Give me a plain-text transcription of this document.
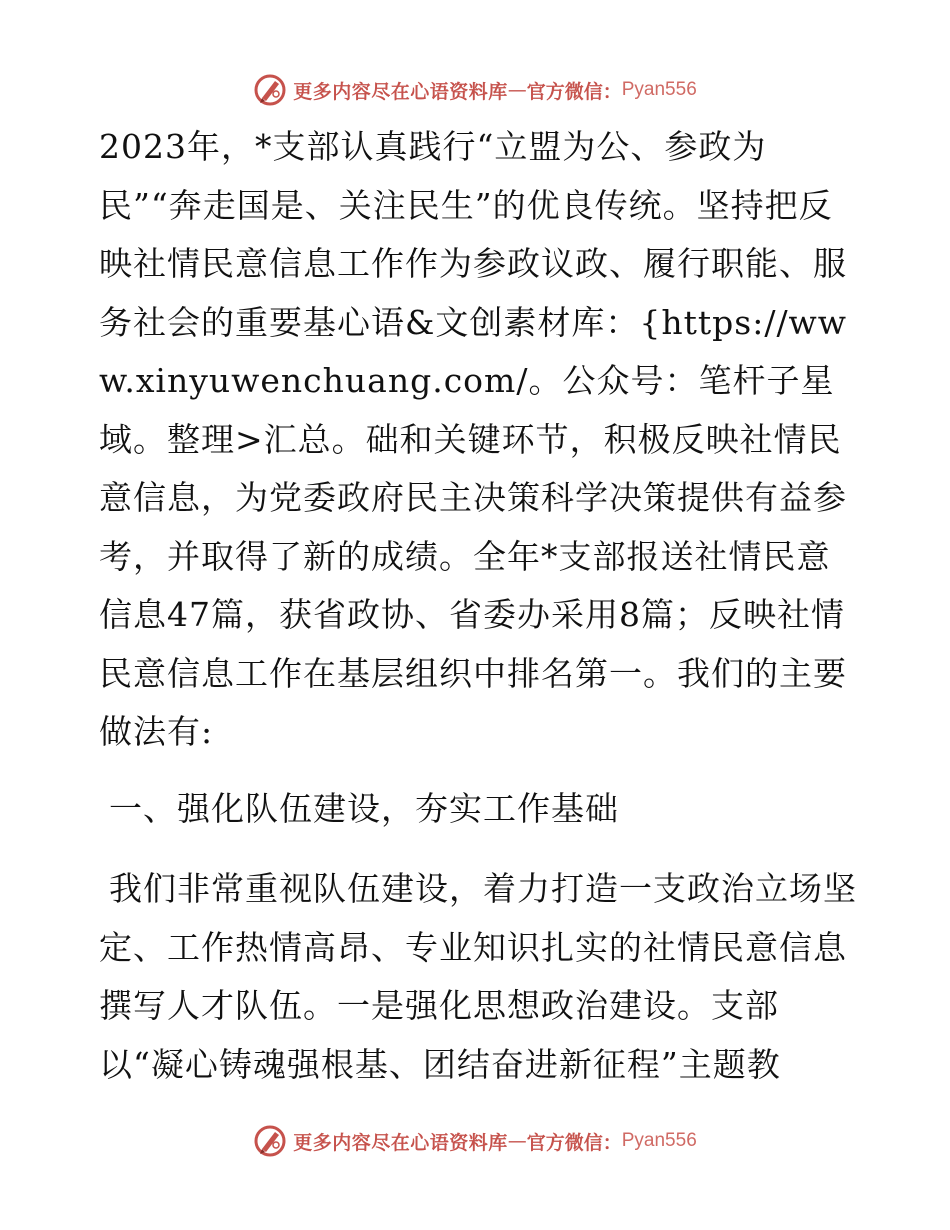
更多内容尽在心语资料库 — 官方微信： Pyan556

2023年，*支部认真践行“立盟为公、参政为民”“奔走国是、关注民生”的优良传统。坚持把反映社情民意信息工作作为参政议政、履行职能、服务社会的重要基心语&文创素材库：{https://www.xinyuwenchuang.com/。公众号：笔杆子星域。整理>汇总。础和关键环节，积极反映社情民意信息，为党委政府民主决策科学决策提供有益参考，并取得了新的成绩。全年*支部报送社情民意信息47篇，获省政协、省委办采用8篇；反映社情民意信息工作在基层组织中排名第一。我们的主要做法有:

一、强化队伍建设，夯实工作基础

我们非常重视队伍建设，着力打造一支政治立场坚定、工作热情高昂、专业知识扎实的社情民意信息撰写人才队伍。一是强化思想政治建设。支部以“凝心铸魂强根基、团结奋进新征程”主题教

更多内容尽在心语资料库 — 官方微信： Pyan556
